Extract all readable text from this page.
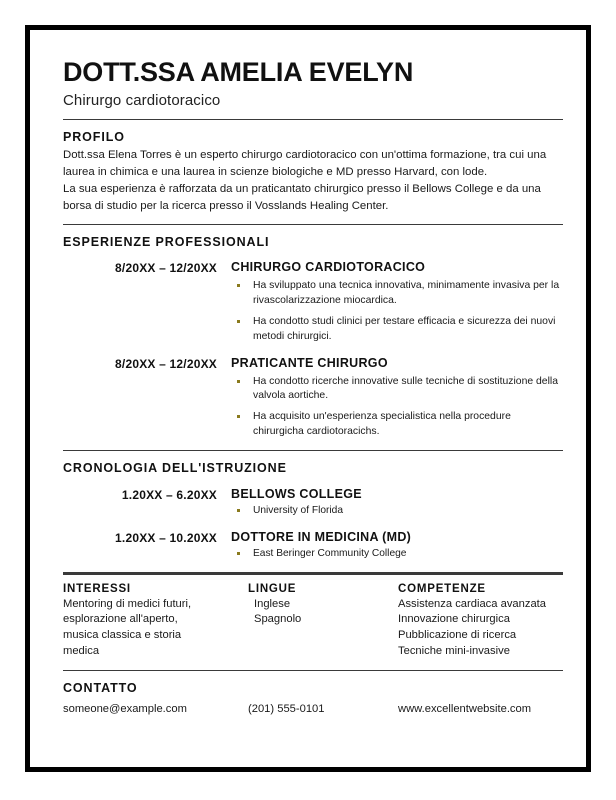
DOTT.SSA AMELIA EVELYN
Chirurgo cardiotoracico
PROFILO

Dott.ssa Elena Torres è un esperto chirurgo cardiotoracico con un'ottima formazione, tra cui una laurea in chimica e una laurea in scienze biologiche e MD presso Harvard, con lode.

La sua esperienza è rafforzata da un praticantato chirurgico presso il Bellows College e da una borsa di studio per la ricerca presso il Vosslands Healing Center.

ESPERIENZE PROFESSIONALI
8/20XX – 12/20XX	CHIRURGO CARDIOTORACICO
Ha sviluppato una tecnica innovativa, minimamente invasiva per la rivascolarizzazione miocardica.
Ha condotto studi clinici per testare efficacia e sicurezza dei nuovi metodi chirurgici.
8/20XX – 12/20XX	PRATICANTE CHIRURGO
Ha condotto ricerche innovative sulle tecniche di sostituzione della valvola aortiche.
Ha acquisito un'esperienza specialistica nella procedure chirurgicha cardiotoracichs.
CRONOLOGIA DELL'ISTRUZIONE
1.20XX – 6.20XX	BELLOWS COLLEGE
University of Florida
1.20XX – 10.20XX	DOTTORE IN MEDICINA (MD)
East Beringer Community College
INTERESSI
Mentoring di medici futuri,
esplorazione all'aperto,
musica classica e storia
medica
LINGUE
Inglese
Spagnolo
COMPETENZE
Assistenza cardiaca avanzata
Innovazione chirurgica
Pubblicazione di ricerca
Tecniche mini-invasive
CONTATTO
someone@example.com	(201) 555-0101	www.excellentwebsite.com
